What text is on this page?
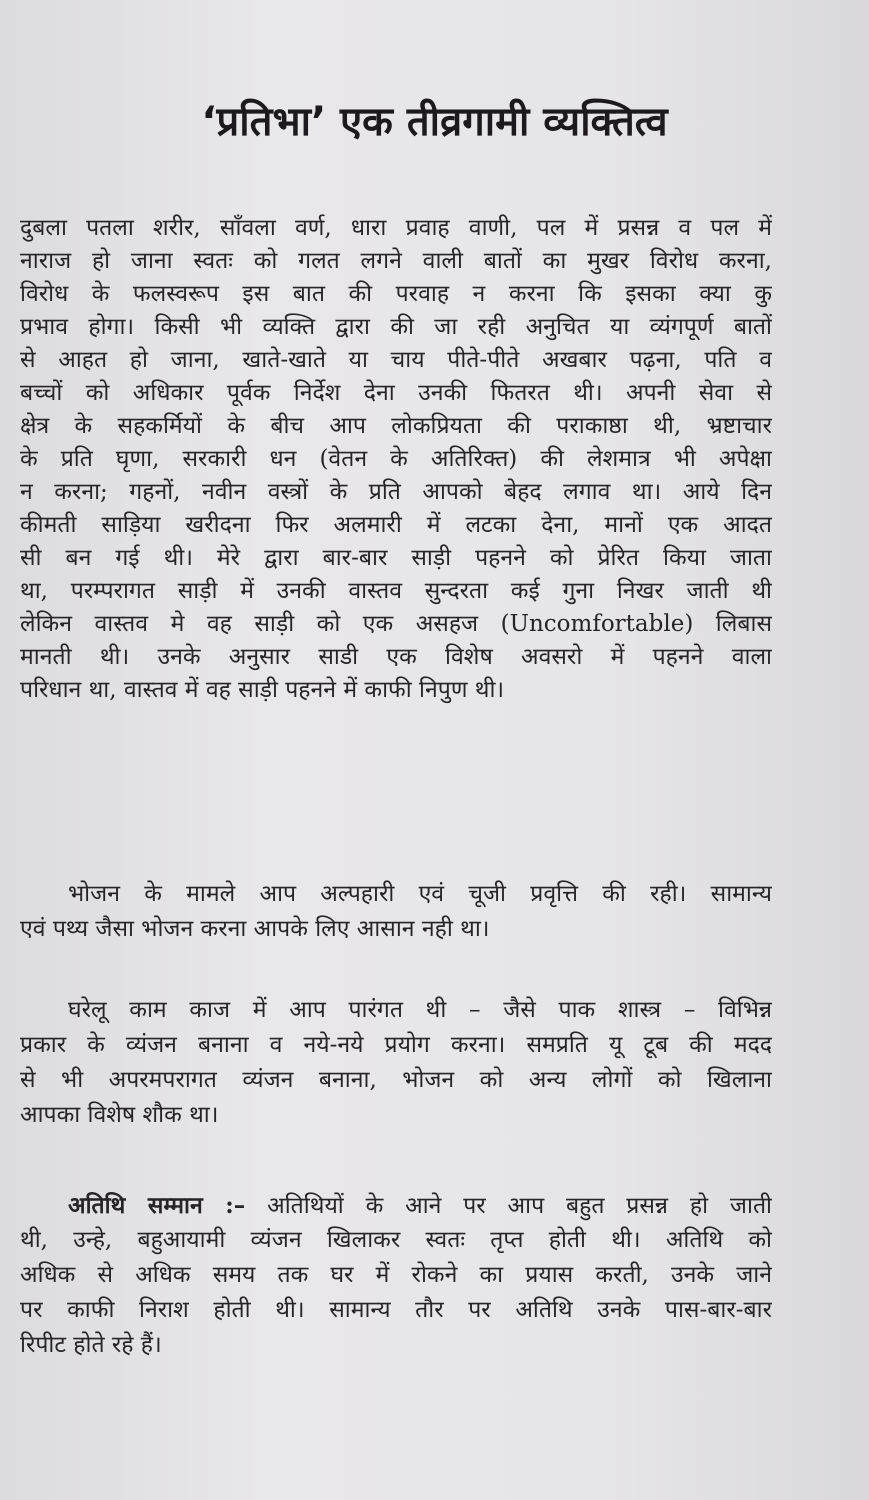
‘प्रतिभा’ एक तीव्रगामी व्यक्तित्व

दुबला पतला शरीर, साँवला वर्ण, धारा प्रवाह वाणी, पल में प्रसन्न व पल में
नाराज हो जाना स्वतः को गलत लगने वाली बातों का मुखर विरोध करना,
विरोध के फलस्वरूप इस बात की परवाह न करना कि इसका क्या कु
प्रभाव होगा। किसी भी व्यक्ति द्वारा की जा रही अनुचित या व्यंगपूर्ण बातों
से आहत हो जाना, खाते-खाते या चाय पीते-पीते अखबार पढ़ना, पति व
बच्चों को अधिकार पूर्वक निर्देश देना उनकी फितरत थी। अपनी सेवा से
क्षेत्र के सहकर्मियों के बीच आप लोकप्रियता की पराकाष्ठा थी, भ्रष्टाचार
के प्रति घृणा, सरकारी धन (वेतन के अतिरिक्त) की लेशमात्र भी अपेक्षा
न करना; गहनों, नवीन वस्त्रों के प्रति आपको बेहद लगाव था। आये दिन
कीमती साड़िया खरीदना फिर अलमारी में लटका देना, मानों एक आदत
सी बन गई थी। मेरे द्वारा बार-बार साड़ी पहनने को प्रेरित किया जाता
था, परम्परागत साड़ी में उनकी वास्तव सुन्दरता कई गुना निखर जाती थी
लेकिन वास्तव मे वह साड़ी को एक असहज (Uncomfortable) लिबास
मानती थी। उनके अनुसार साडी एक विशेष अवसरो में पहनने वाला
परिधान था, वास्तव में वह साड़ी पहनने में काफी निपुण थी।

भोजन के मामले आप अल्पहारी एवं चूजी प्रवृत्ति की रही। सामान्य
एवं पथ्य जैसा भोजन करना आपके लिए आसान नही था।

घरेलू काम काज में आप पारंगत थी – जैसे पाक शास्त्र – विभिन्न
प्रकार के व्यंजन बनाना व नये-नये प्रयोग करना। समप्रति यू टूब की मदद
से भी अपरमपरागत व्यंजन बनाना, भोजन को अन्य लोगों को खिलाना
आपका विशेष शौक था।

अतिथि सम्मान :– अतिथियों के आने पर आप बहुत प्रसन्न हो जाती
थी, उन्हे, बहुआयामी व्यंजन खिलाकर स्वतः तृप्त होती थी। अतिथि को
अधिक से अधिक समय तक घर में रोकने का प्रयास करती, उनके जाने
पर काफी निराश होती थी। सामान्य तौर पर अतिथि उनके पास-बार-बार
रिपीट होते रहे हैं।
